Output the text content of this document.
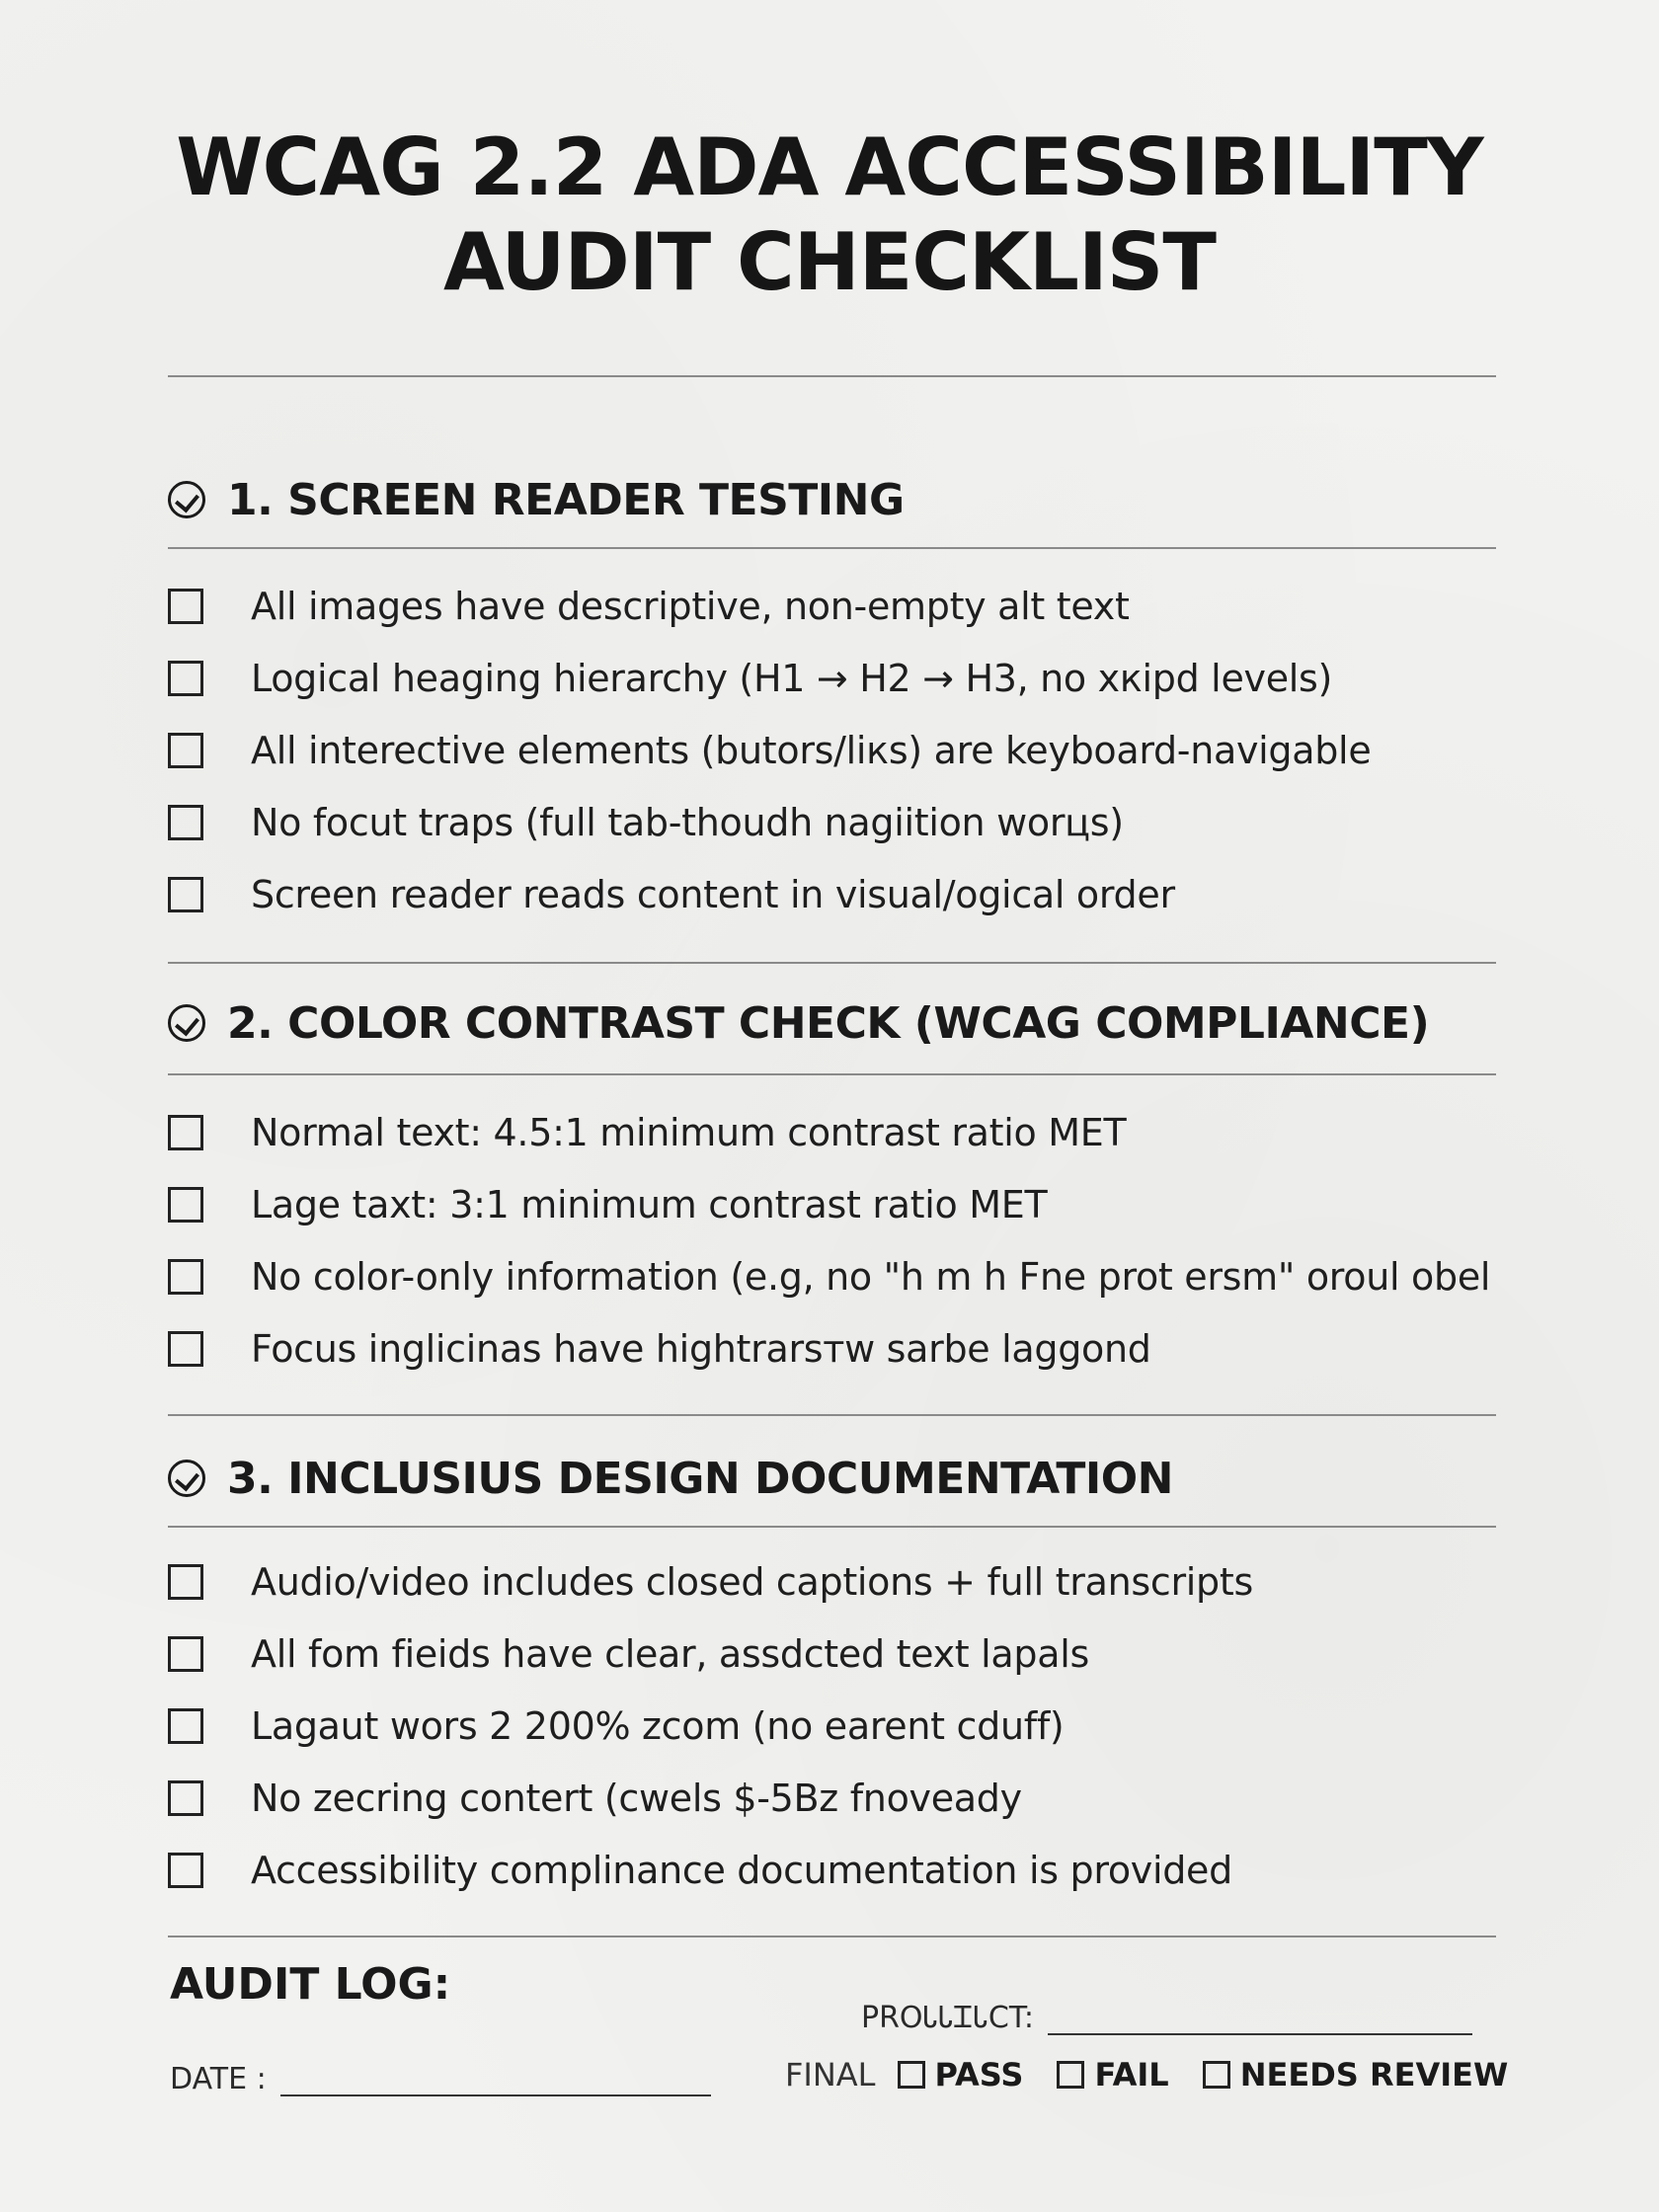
WCAG 2.2 ADA ACCESSIBILITY
AUDIT CHECKLIST
1. SCREEN READER TESTING
All images have descriptive, non-empty alt text
Logical heaging hierarchy (H1 → H2 → H3, no xкipd levels)
All interective elements (butors/liкs) are keyboard-navigable
No focut traps (full tab-thoudh nagiition worцs)
Screen reader reads content in visual/ogical order
2. COLOR CONTRAST CHECK (WCAG COMPLIANCE)
Normal text: 4.5:1 minimum contrast ratio MET
Lage taxt: 3:1 minimum contrast ratio MET
No color-only information (e.g, no "h m h Fne prot ersm" oroul obel
Focus inglicinas have hightrarsтw sarbe laggond
3. INCLUSIUS DESIGN DOCUMENTATION
Audio/video includes closed captions + full transcripts
All fom fieids have clear, assdcted text lapals
Lagaut wors 2 200% zcom (no earent cduff)
No zecring contert (cwels $-5Bz fnoveady
Accessibility complinance documentation is provided
AUDIT LOG:
PROᏓᏓᏆᏓCT:
DATE :	FINAL PASS FAIL NEEDS REVIEW
